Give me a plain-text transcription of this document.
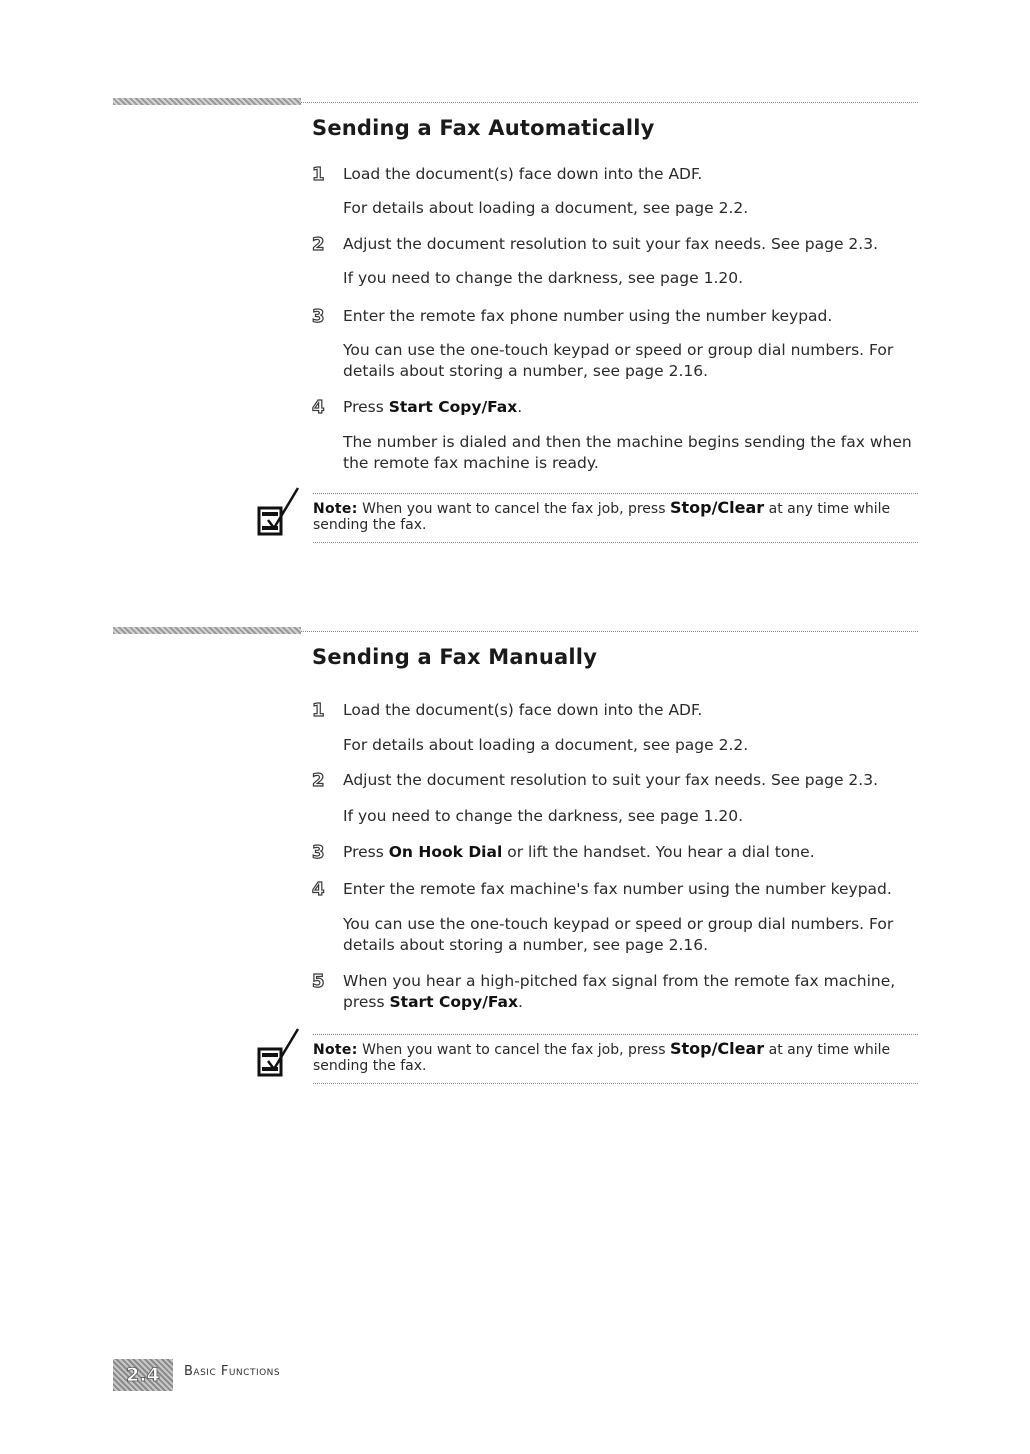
Sending a Fax Automatically
1 Load the document(s) face down into the ADF.
For details about loading a document, see page 2.2.
2 Adjust the document resolution to suit your fax needs. See page 2.3.
If you need to change the darkness, see page 1.20.
3 Enter the remote fax phone number using the number keypad.
You can use the one-touch keypad or speed or group dial numbers. For details about storing a number, see page 2.16.
4 Press Start Copy/Fax.
The number is dialed and then the machine begins sending the fax when the remote fax machine is ready.
Note: When you want to cancel the fax job, press Stop/Clear at any time while sending the fax.
Sending a Fax Manually
1 Load the document(s) face down into the ADF.
For details about loading a document, see page 2.2.
2 Adjust the document resolution to suit your fax needs. See page 2.3.
If you need to change the darkness, see page 1.20.
3 Press On Hook Dial or lift the handset. You hear a dial tone.
4 Enter the remote fax machine's fax number using the number keypad.
You can use the one-touch keypad or speed or group dial numbers. For details about storing a number, see page 2.16.
5 When you hear a high-pitched fax signal from the remote fax machine, press Start Copy/Fax.
Note: When you want to cancel the fax job, press Stop/Clear at any time while sending the fax.
2.4 Basic Functions
